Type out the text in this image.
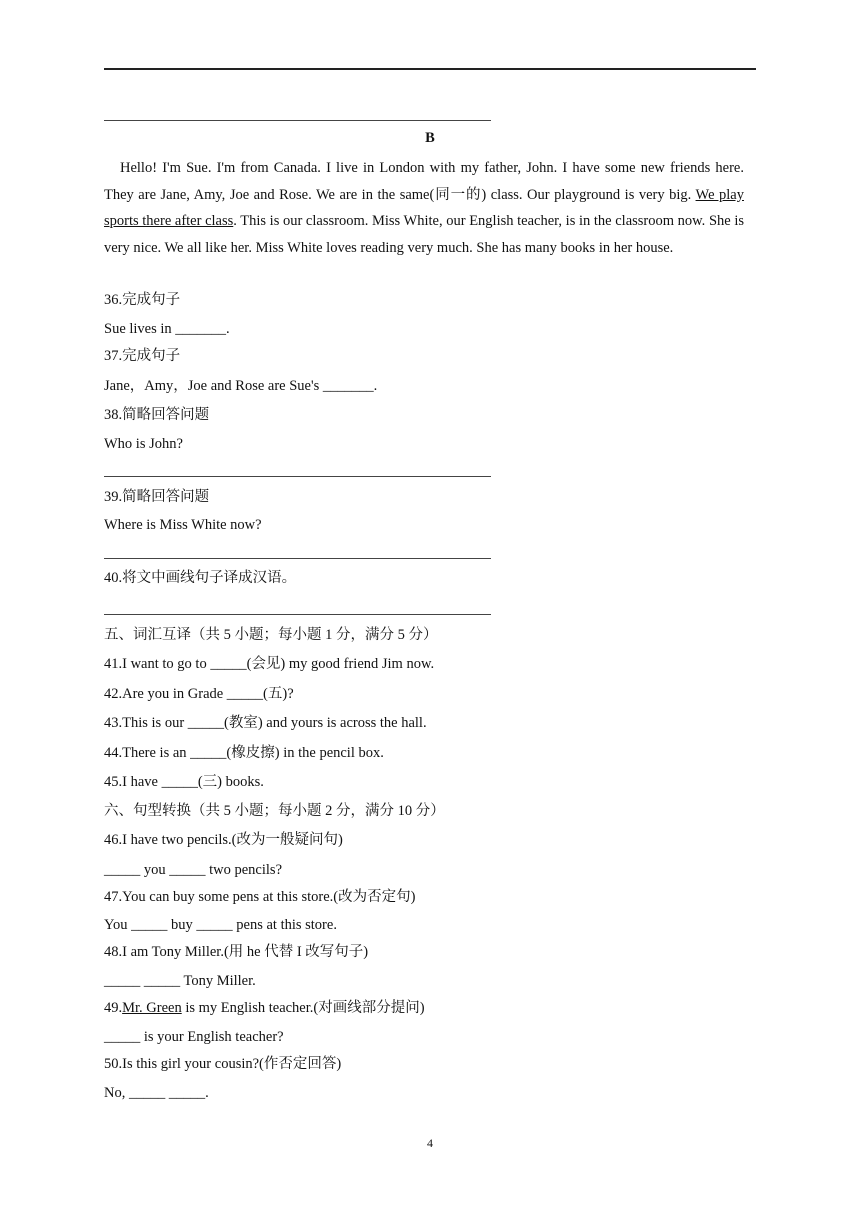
B
Hello! I'm Sue. I'm from Canada. I live in London with my father, John. I have some new friends here. They are Jane, Amy, Joe and Rose. We are in the same(同一的) class. Our playground is very big. We play sports there after class. This is our classroom. Miss White, our English teacher, is in the classroom now. She is very nice. We all like her. Miss White loves reading very much. She has many books in her house.
36.完成句子
Sue lives in _______.
37.完成句子
Jane，Amy，Joe and Rose are Sue's _______.
38.简略回答问题
Who is John?
39.简略回答问题
Where is Miss White now?
40.将文中画线句子译成汉语。
五、词汇互译（共 5 小题；每小题 1 分，满分 5 分）
41.I want to go to _____(会见) my good friend Jim now.
42.Are you in Grade _____(五)?
43.This is our _____(教室) and yours is across the hall.
44.There is an _____(橡皮擦) in the pencil box.
45.I have _____(三) books.
六、句型转换（共 5 小题；每小题 2 分，满分 10 分）
46.I have two pencils.(改为一般疑问句)
_____ you _____ two pencils?
47.You can buy some pens at this store.(改为否定句)
You _____ buy _____ pens at this store.
48.I am Tony Miller.(用 he 代替 I 改写句子)
_____ _____ Tony Miller.
49.Mr. Green is my English teacher.(对画线部分提问)
_____ is your English teacher?
50.Is this girl your cousin?(作否定回答)
No, _____ _____.
4
